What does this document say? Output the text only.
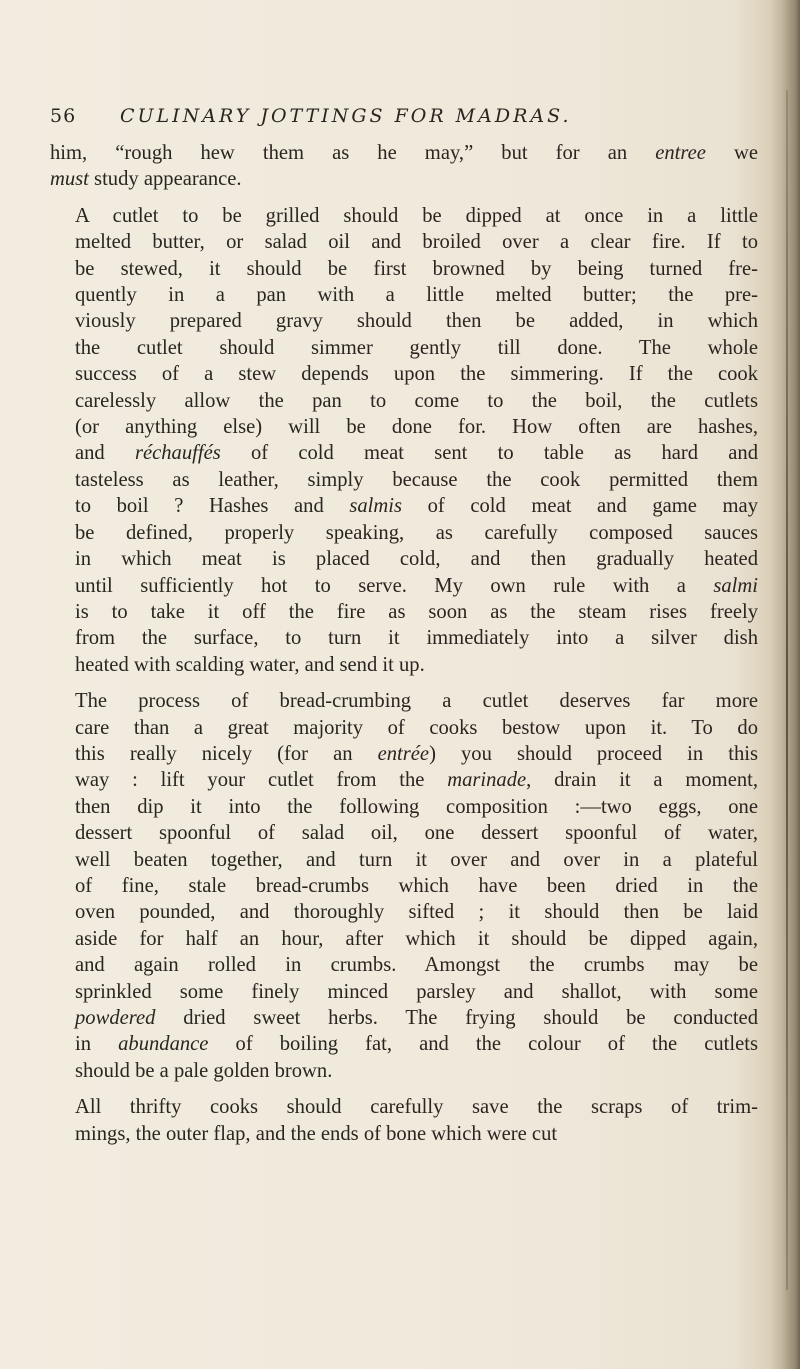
56 CULINARY JOTTINGS FOR MADRAS.

him, “rough hew them as he may,” but for an entree we
must study appearance.

A cutlet to be grilled should be dipped at once in a little
melted butter, or salad oil and broiled over a clear fire. If to
be stewed, it should be first browned by being turned fre-
quently in a pan with a little melted butter; the pre-
viously prepared gravy should then be added, in which
the cutlet should simmer gently till done. The whole
success of a stew depends upon the simmering. If the cook
carelessly allow the pan to come to the boil, the cutlets
(or anything else) will be done for. How often are hashes,
and réchauffés of cold meat sent to table as hard and
tasteless as leather, simply because the cook permitted them
to boil ? Hashes and salmis of cold meat and game may
be defined, properly speaking, as carefully composed sauces
in which meat is placed cold, and then gradually heated
until sufficiently hot to serve. My own rule with a salmi
is to take it off the fire as soon as the steam rises freely
from the surface, to turn it immediately into a silver dish
heated with scalding water, and send it up.

The process of bread-crumbing a cutlet deserves far more
care than a great majority of cooks bestow upon it. To do
this really nicely (for an entrée) you should proceed in this
way : lift your cutlet from the marinade, drain it a moment,
then dip it into the following composition :—two eggs, one
dessert spoonful of salad oil, one dessert spoonful of water,
well beaten together, and turn it over and over in a plateful
of fine, stale bread-crumbs which have been dried in the
oven pounded, and thoroughly sifted ; it should then be laid
aside for half an hour, after which it should be dipped again,
and again rolled in crumbs. Amongst the crumbs may be
sprinkled some finely minced parsley and shallot, with some
powdered dried sweet herbs. The frying should be conducted
in abundance of boiling fat, and the colour of the cutlets
should be a pale golden brown.

All thrifty cooks should carefully save the scraps of trim-
mings, the outer flap, and the ends of bone which were cut
